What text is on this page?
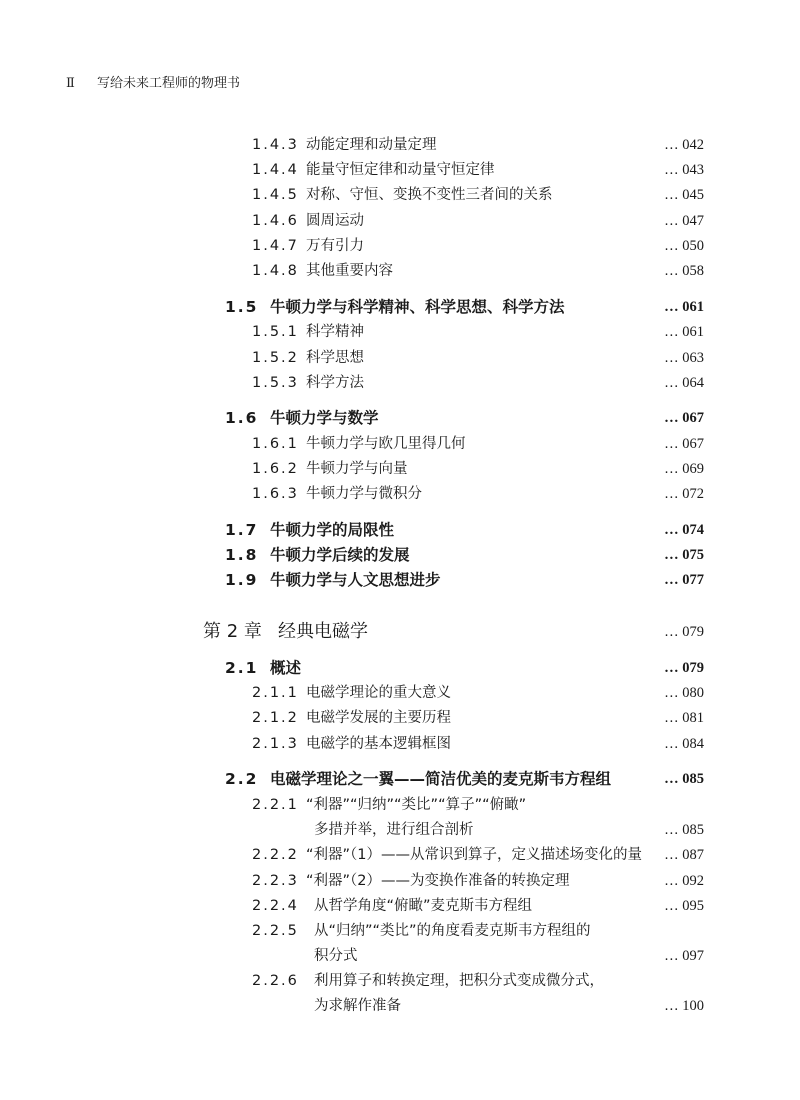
Ⅱ 写给未来工程师的物理书
1.4.3 动能定理和动量定理	… 042
1.4.4 能量守恒定律和动量守恒定律	… 043
1.4.5 对称、守恒、变换不变性三者间的关系	… 045
1.4.6 圆周运动	… 047
1.4.7 万有引力	… 050
1.4.8 其他重要内容	… 058
1.5 牛顿力学与科学精神、科学思想、科学方法	… 061
1.5.1 科学精神	… 061
1.5.2 科学思想	… 063
1.5.3 科学方法	… 064
1.6 牛顿力学与数学	… 067
1.6.1 牛顿力学与欧几里得几何	… 067
1.6.2 牛顿力学与向量	… 069
1.6.3 牛顿力学与微积分	… 072
1.7 牛顿力学的局限性	… 074
1.8 牛顿力学后续的发展	… 075
1.9 牛顿力学与人文思想进步	… 077
第 2 章 经典电磁学	… 079
2.1 概述	… 079
2.1.1 电磁学理论的重大意义	… 080
2.1.2 电磁学发展的主要历程	… 081
2.1.3 电磁学的基本逻辑框图	… 084
2.2 电磁学理论之一翼——简洁优美的麦克斯韦方程组	… 085
2.2.1 “利器”“归纳”“类比”“算子”“俯瞰”
多措并举，进行组合剖析	… 085
2.2.2 “利器”（1）——从常识到算子，定义描述场变化的量 … 087
2.2.3 “利器”（2）——为变换作准备的转换定理	… 092
2.2.4 从哲学角度“俯瞰”麦克斯韦方程组	… 095
2.2.5 从“归纳”“类比”的角度看麦克斯韦方程组的
积分式	… 097
2.2.6 利用算子和转换定理，把积分式变成微分式，
为求解作准备	… 100
